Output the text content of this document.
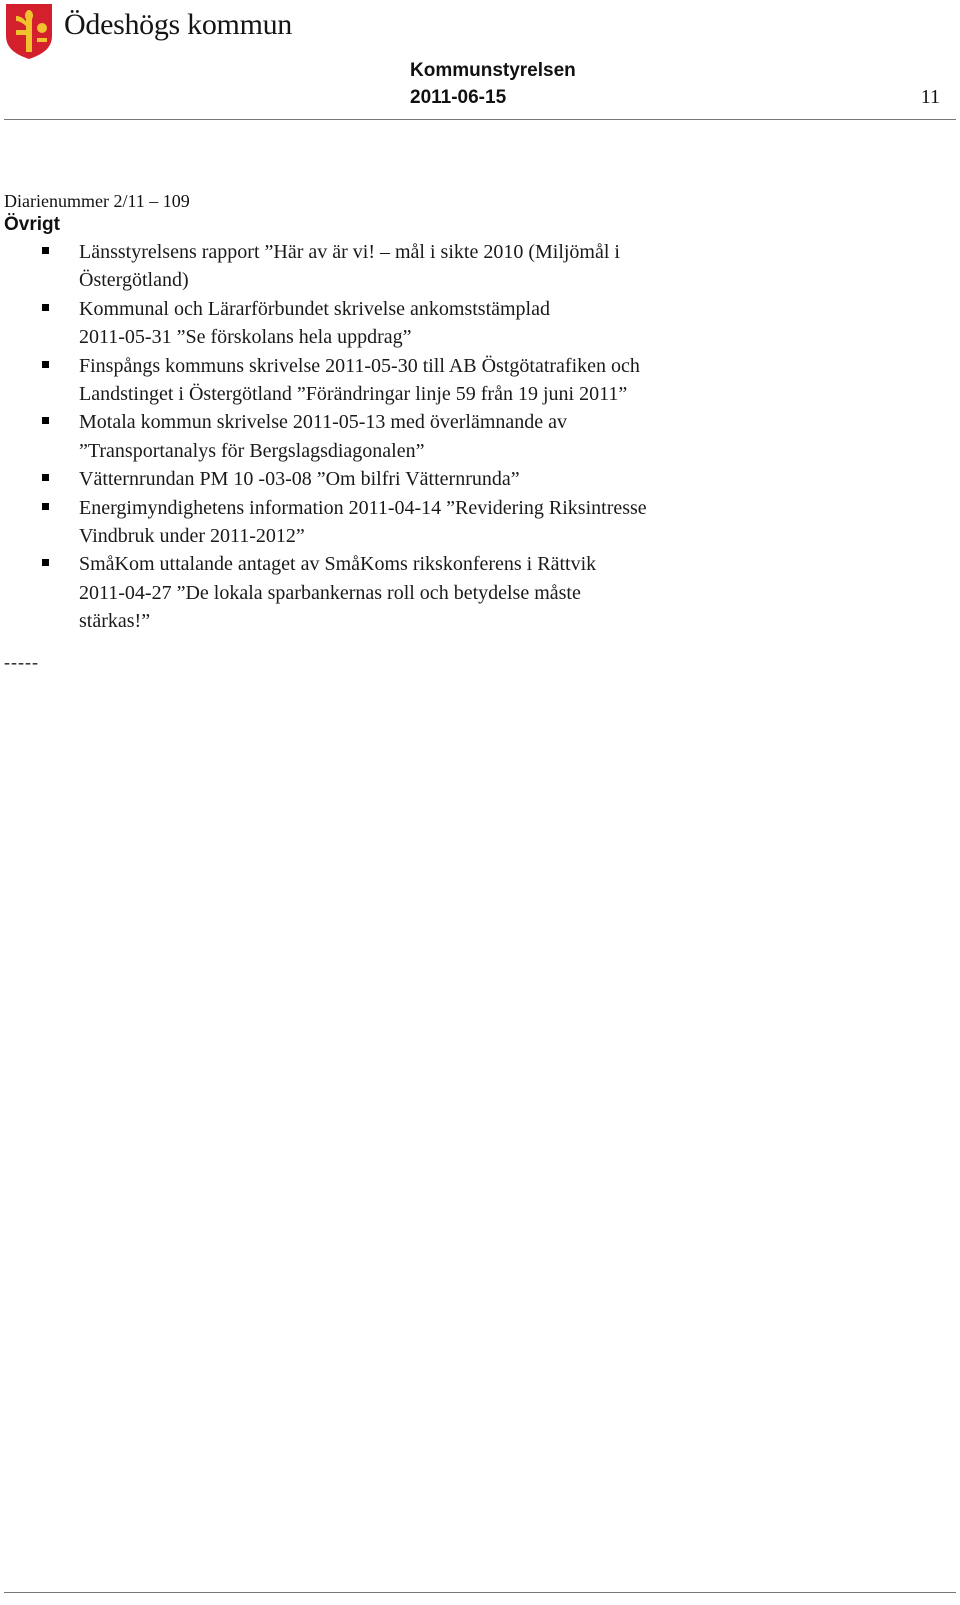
Ödeshögs kommun
Kommunstyrelsen
2011-06-15	11
Diarienummer 2/11 – 109
Övrigt
Länsstyrelsens rapport ”Här av är vi! – mål i sikte 2010 (Miljömål i
Östergötland)
Kommunal och Lärarförbundet skrivelse ankomststämplad
2011-05-31 ”Se förskolans hela uppdrag”
Finspångs kommuns skrivelse 2011-05-30 till AB Östgötatrafiken och
Landstinget i Östergötland ”Förändringar linje 59 från 19 juni 2011”
Motala kommun skrivelse 2011-05-13 med överlämnande av
”Transportanalys för Bergslagsdiagonalen”
Vätternrundan PM 10 -03-08 ”Om bilfri Vätternrunda”
Energimyndighetens information 2011-04-14 ”Revidering Riksintresse
Vindbruk under 2011-2012”
SmåKom uttalande antaget av SmåKoms rikskonferens i Rättvik
2011-04-27 ”De lokala sparbankernas roll och betydelse måste
stärkas!”
-----
